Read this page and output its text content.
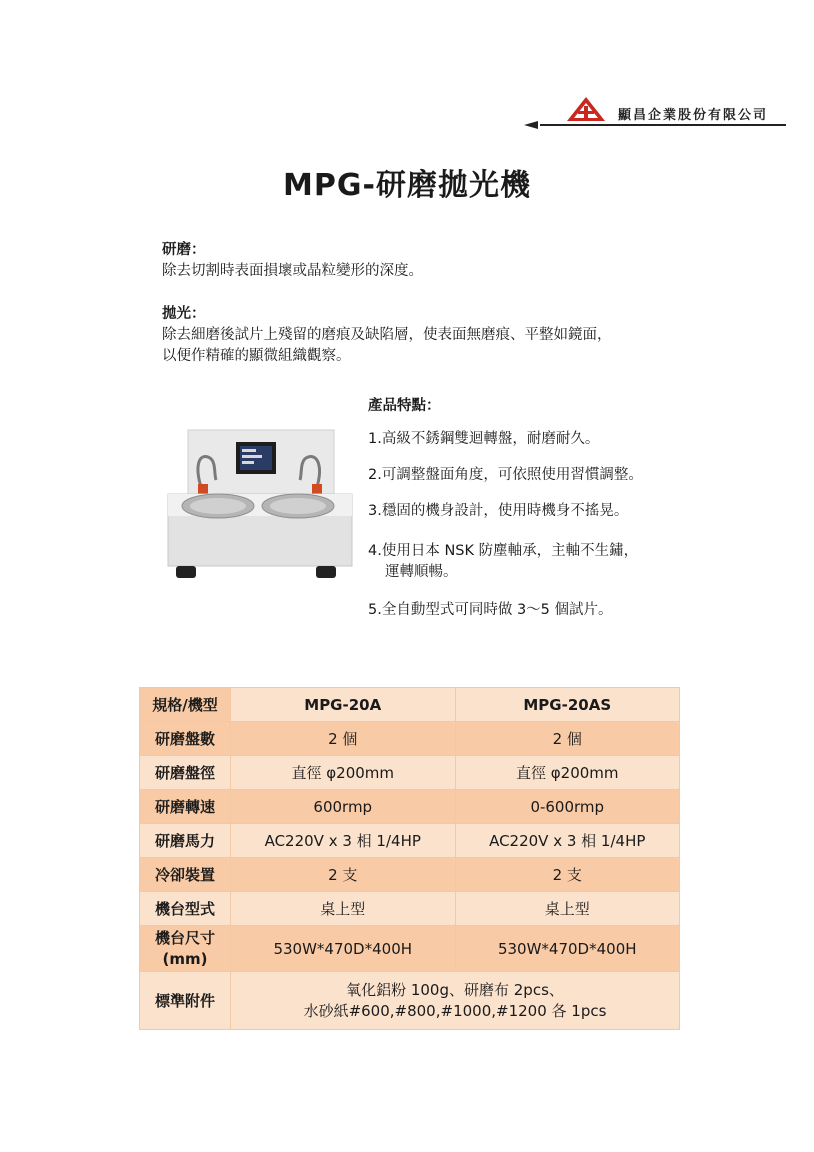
顯昌企業股份有限公司
MPG-研磨拋光機
研磨：
除去切割時表面損壞或晶粒變形的深度。
拋光：
除去細磨後試片上殘留的磨痕及缺陷層，使表面無磨痕、平整如鏡面，
以便作精確的顯微組織觀察。
產品特點：
1.高級不銹鋼雙迴轉盤，耐磨耐久。
2.可調整盤面角度，可依照使用習慣調整。
3.穩固的機身設計，使用時機身不搖晃。
4.使用日本 NSK 防塵軸承，主軸不生鏽，
運轉順暢。
5.全自動型式可同時做 3～5 個試片。
規格/機型	MPG-20A	MPG-20AS
研磨盤數	2 個	2 個
研磨盤徑	直徑 φ200mm	直徑 φ200mm
研磨轉速	600rmp	0-600rmp
研磨馬力	AC220V x 3 相 1/4HP	AC220V x 3 相 1/4HP
冷卻裝置	2 支	2 支
機台型式	桌上型	桌上型

機台尺寸
(mm)	530W*470D*400H	530W*470D*400H
標準附件	氧化鋁粉 100g、研磨布 2pcs、
水砂紙#600,#800,#1000,#1200 各 1pcs	
